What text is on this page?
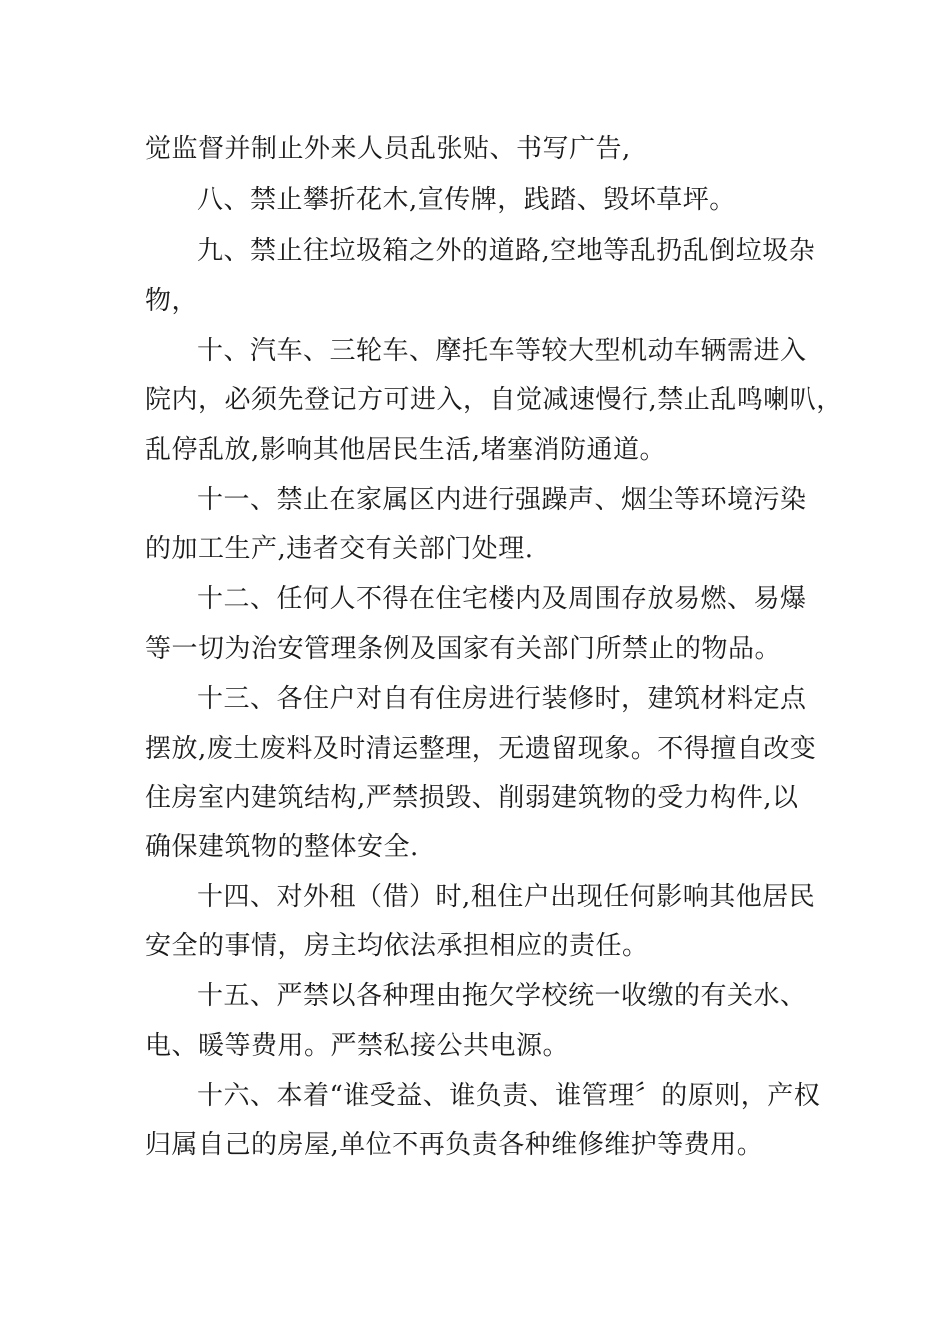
觉监督并制止外来人员乱张贴、书写广告,
八、禁止攀折花木,宣传牌，践踏、毁坏草坪。
九、禁止往垃圾箱之外的道路,空地等乱扔乱倒垃圾杂
物，
十、汽车、三轮车、摩托车等较大型机动车辆需进入
院内，必须先登记方可进入，自觉减速慢行,禁止乱鸣喇叭，
乱停乱放,影响其他居民生活,堵塞消防通道。
十一、禁止在家属区内进行强躁声、烟尘等环境污染
的加工生产,违者交有关部门处理.
十二、任何人不得在住宅楼内及周围存放易燃、易爆
等一切为治安管理条例及国家有关部门所禁止的物品。
十三、各住户对自有住房进行装修时，建筑材料定点
摆放,废土废料及时清运整理，无遗留现象。不得擅自改变
住房室内建筑结构,严禁损毁、削弱建筑物的受力构件,以
确保建筑物的整体安全.
十四、对外租（借）时,租住户出现任何影响其他居民
安全的事情，房主均依法承担相应的责任。
十五、严禁以各种理由拖欠学校统一收缴的有关水、
电、暖等费用。严禁私接公共电源。
十六、本着“谁受益、谁负责、谁管理〞的原则，产权
归属自己的房屋,单位不再负责各种维修维护等费用。
